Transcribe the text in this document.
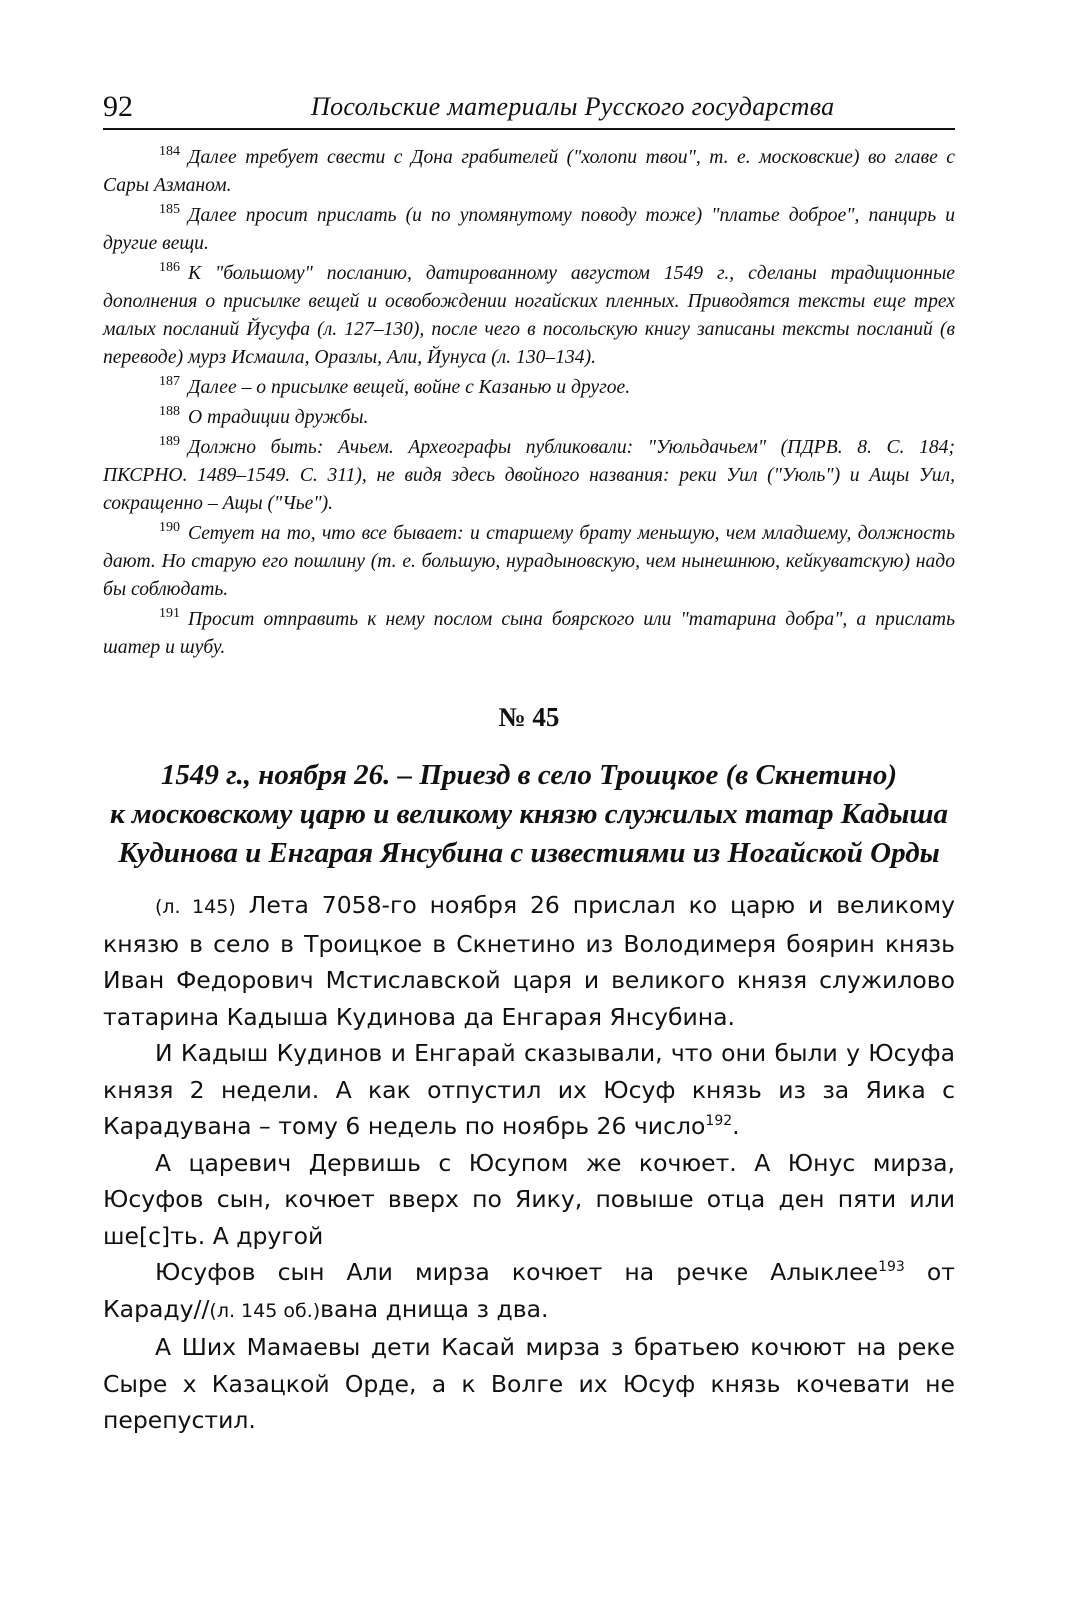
92	Посольские материалы Русского государства

$^{184}$ Далее требует свести с Дона грабителей ("холопи твои", т. е. московские) во главе с Сары Азманом.

$^{185}$ Далее просит прислать (и по упомянутому поводу тоже) "платье доброе", панцирь и другие вещи.

$^{186}$ К "большому" посланию, датированному августом 1549 г., сделаны традиционные дополнения о присылке вещей и освобождении ногайских пленных. Приводятся тексты еще трех малых посланий Йусуфа (л. 127–130), после чего в посольскую книгу записаны тексты посланий (в переводе) мурз Исмаила, Оразлы, Али, Йунуса (л. 130–134).

$^{187}$ Далее – о присылке вещей, войне с Казанью и другое.

$^{188}$ О традиции дружбы.

$^{189}$ Должно быть: Ачьем. Археографы публиковали: "Уюльдачьем" (ПДРВ. 8. С. 184; ПКСРНО. 1489–1549. С. 311), не видя здесь двойного названия: реки Уил ("Уюль") и Ащы Уил, сокращенно – Ащы ("Чье").

$^{190}$ Сетует на то, что все бывает: и старшему брату меньшую, чем младшему, должность дают. Но старую его пошлину (т. е. большую, нурадыновскую, чем нынешнюю, кейкуватскую) надо бы соблюдать.

$^{191}$ Просит отправить к нему послом сына боярского или "татарина добра", а прислать шатер и шубу.

№ 45
1549 г., ноября 26. – Приезд в село Троицкое (в Скнетино)
к московскому царю и великому князю служилых татар Кадыша
Кудинова и Енгарая Янсубина с известиями из Ногайской Орды

(л. 145) Лета 7058-го ноября 26 прислал ко царю и великому князю в село в Троицкое в Скнетино из Володимеря боярин князь Иван Федорович Мстиславской царя и великого князя служилово татарина Кадыша Кудинова да Енгарая Янсубина.

И Кадыш Кудинов и Енгарай сказывали, что они были у Юсуфа князя 2 недели. А как отпустил их Юсуф князь из за Яика с Карадувана – тому 6 недель по ноябрь 26 число$^{192}$.

А царевич Дервишь с Юсупом же кочюет. А Юнус мирза, Юсуфов сын, кочюет вверх по Яику, повыше отца ден пяти или ше[с]ть. А другой

Юсуфов сын Али мирза кочюет на речке Алыклее$^{193}$ от Караду//(л. 145 об.)вана днища з два.

А Ших Мамаевы дети Касай мирза з братьею кочюют на реке Сыре х Казацкой Орде, а к Волге их Юсуф князь кочевати не перепустил.
